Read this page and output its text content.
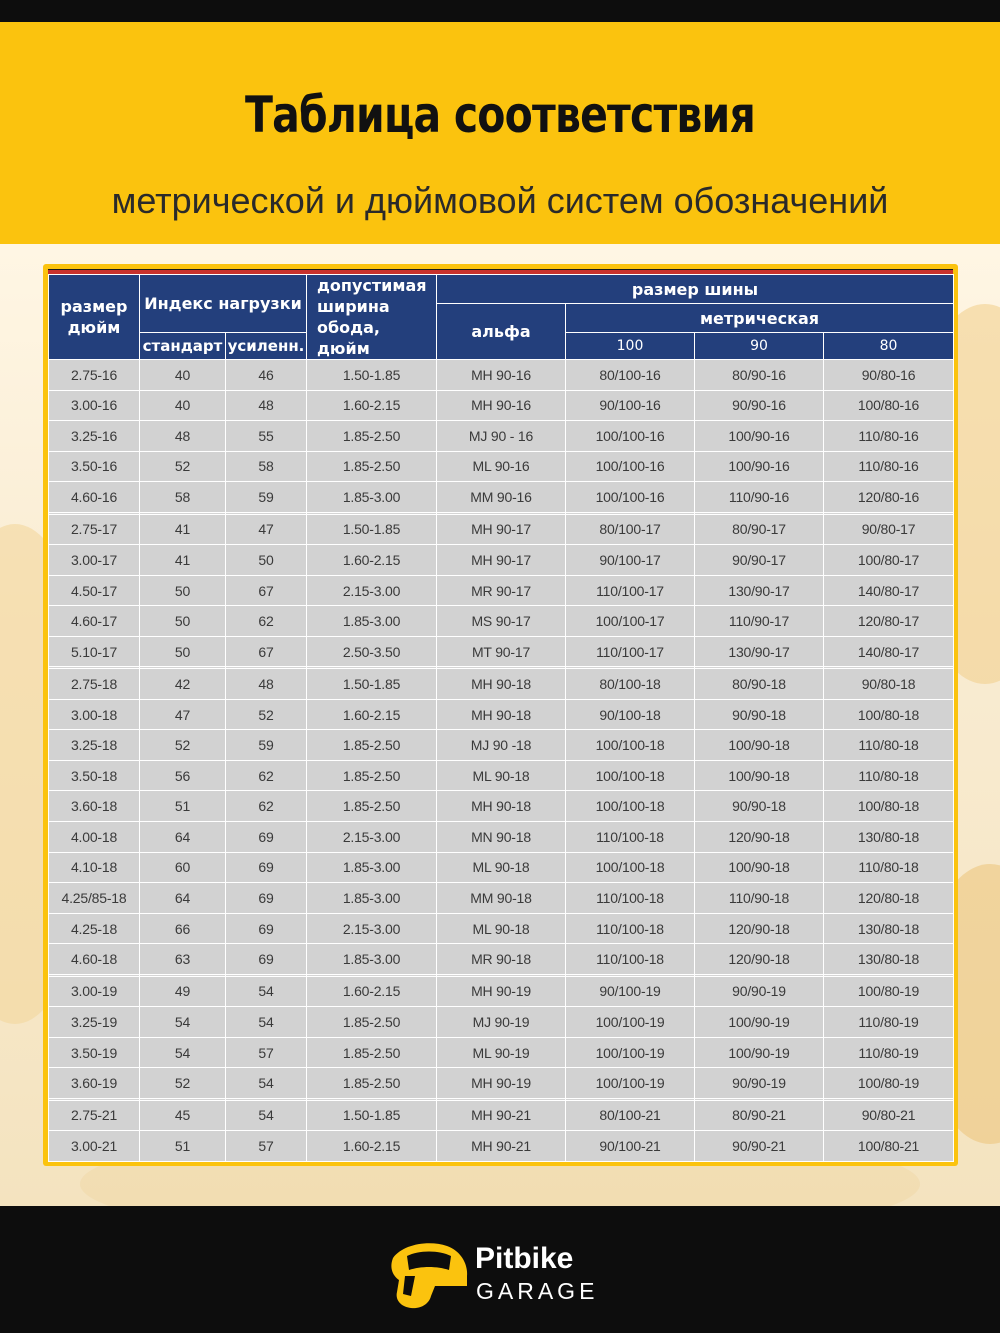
Таблица соответствия
метрической и дюймовой систем обозначений
размер дюйм	Индекс нагрузки		допустимая ширина обода, дюйм	размер шины			
				альфа	метрическая		
	стандарт	усиленн.			100	90	80
2.75-16	40	46	1.50-1.85	MH 90-16	80/100-16	80/90-16	90/80-16
3.00-16	40	48	1.60-2.15	MH 90-16	90/100-16	90/90-16	100/80-16
3.25-16	48	55	1.85-2.50	MJ 90 - 16	100/100-16	100/90-16	110/80-16
3.50-16	52	58	1.85-2.50	ML 90-16	100/100-16	100/90-16	110/80-16
4.60-16	58	59	1.85-3.00	MM 90-16	100/100-16	110/90-16	120/80-16

2.75-17	41	47	1.50-1.85	MH 90-17	80/100-17	80/90-17	90/80-17
3.00-17	41	50	1.60-2.15	MH 90-17	90/100-17	90/90-17	100/80-17
4.50-17	50	67	2.15-3.00	MR 90-17	110/100-17	130/90-17	140/80-17
4.60-17	50	62	1.85-3.00	MS 90-17	100/100-17	110/90-17	120/80-17
5.10-17	50	67	2.50-3.50	MT 90-17	110/100-17	130/90-17	140/80-17

2.75-18	42	48	1.50-1.85	MH 90-18	80/100-18	80/90-18	90/80-18
3.00-18	47	52	1.60-2.15	MH 90-18	90/100-18	90/90-18	100/80-18
3.25-18	52	59	1.85-2.50	MJ 90 -18	100/100-18	100/90-18	110/80-18
3.50-18	56	62	1.85-2.50	ML 90-18	100/100-18	100/90-18	110/80-18
3.60-18	51	62	1.85-2.50	MH 90-18	100/100-18	90/90-18	100/80-18
4.00-18	64	69	2.15-3.00	MN 90-18	110/100-18	120/90-18	130/80-18
4.10-18	60	69	1.85-3.00	ML 90-18	100/100-18	100/90-18	110/80-18
4.25/85-18	64	69	1.85-3.00	MM 90-18	110/100-18	110/90-18	120/80-18
4.25-18	66	69	2.15-3.00	ML 90-18	110/100-18	120/90-18	130/80-18
4.60-18	63	69	1.85-3.00	MR 90-18	110/100-18	120/90-18	130/80-18

3.00-19	49	54	1.60-2.15	MH 90-19	90/100-19	90/90-19	100/80-19
3.25-19	54	54	1.85-2.50	MJ 90-19	100/100-19	100/90-19	110/80-19
3.50-19	54	57	1.85-2.50	ML 90-19	100/100-19	100/90-19	110/80-19
3.60-19	52	54	1.85-2.50	MH 90-19	100/100-19	90/90-19	100/80-19

2.75-21	45	54	1.50-1.85	MH 90-21	80/100-21	80/90-21	90/80-21
3.00-21	51	57	1.60-2.15	MH 90-21	90/100-21	90/90-21	100/80-21
Pitbike
GARAGE
